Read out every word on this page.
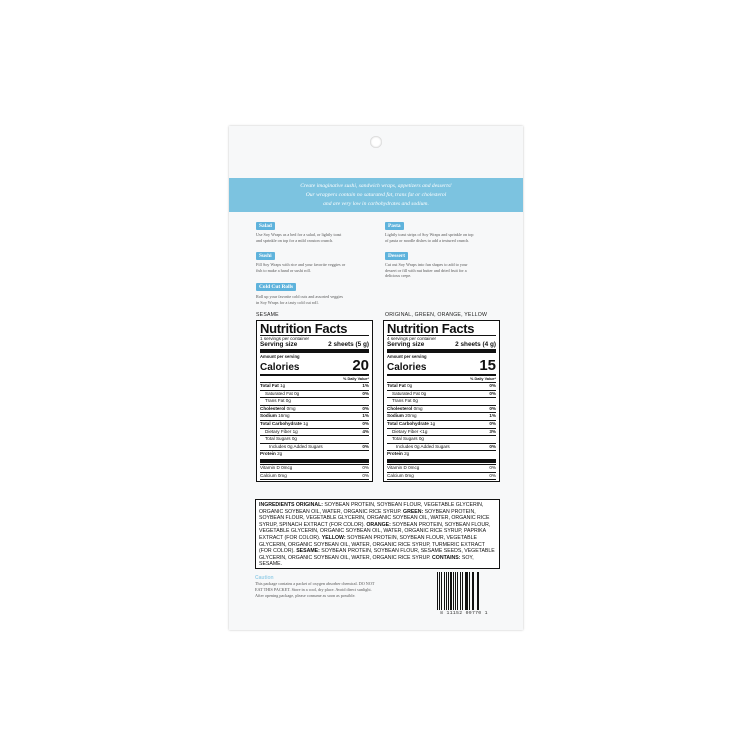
Create imaginative sushi, sandwich wraps, appetizers and desserts!
Our wrappers contain no saturated fat, trans fat or cholesterol
and are very low in carbohydrates and sodium.
Salad
Use Soy Wraps as a bed for a salad, or lightly toast
and sprinkle on top for a mild crouton crunch.
Sushi
Fill Soy Wraps with rice and your favorite veggies or
fish to make a hand or sushi roll.
Cold Cut Rolls
Roll up your favorite cold cuts and assorted veggies
in Soy Wraps for a tasty cold cut roll.
Pasta
Lightly toast strips of Soy Wraps and sprinkle on top
of pasta or noodle dishes to add a textured crunch.
Dessert
Cut out Soy Wraps into fun shapes to add to your
dessert or fill with nut butter and dried fruit for a
delicious crepe.
SESAME	ORIGINAL, GREEN, ORANGE, YELLOW
Nutrition Facts
1 servings per container
Serving size	2 sheets (5 g)
Amount per serving
Calories	20
% Daily Value*
Total Fat 1g	1%
Saturated Fat 0g	0%
Trans Fat 0g
Cholesterol 0mg	0%
Sodium 16mg	1%
Total Carbohydrate 1g	0%
Dietary Fiber 1g	4%
Total Sugars 0g
Includes 0g Added Sugars	0%
Protein 2g
Vitamin D 0mcg	0%
Calcium 0mg	0%
Nutrition Facts
4 servings per container
Serving size	2 sheets (4 g)
Amount per serving
Calories	15
% Daily Value*
Total Fat 0g	0%
Saturated Fat 0g	0%
Trans Fat 0g
Cholesterol 0mg	0%
Sodium 20mg	1%
Total Carbohydrate 1g	0%
Dietary Fiber <1g	3%
Total Sugars 0g
Includes 0g Added Sugars	0%
Protein 2g
Vitamin D 0mcg	0%
Calcium 0mg	0%
INGREDIENTS ORIGINAL: SOYBEAN PROTEIN, SOYBEAN FLOUR, VEGETABLE GLYCERIN, ORGANIC SOYBEAN OIL, WATER, ORGANIC RICE SYRUP. GREEN: SOYBEAN PROTEIN, SOYBEAN FLOUR, VEGETABLE GLYCERIN, ORGANIC SOYBEAN OIL, WATER, ORGANIC RICE SYRUP, SPINACH EXTRACT (FOR COLOR). ORANGE: SOYBEAN PROTEIN, SOYBEAN FLOUR, VEGETABLE GLYCERIN, ORGANIC SOYBEAN OIL, WATER, ORGANIC RICE SYRUP, PAPRIKA EXTRACT (FOR COLOR). YELLOW: SOYBEAN PROTEIN, SOYBEAN FLOUR, VEGETABLE GLYCERIN, ORGANIC SOYBEAN OIL, WATER, ORGANIC RICE SYRUP, TURMERIC EXTRACT (FOR COLOR). SESAME: SOYBEAN PROTEIN, SOYBEAN FLOUR, SESAME SEEDS, VEGETABLE GLYCERIN, ORGANIC SOYBEAN OIL, WATER, ORGANIC RICE SYRUP. CONTAINS: SOY, SESAME.
Caution
This package contains a packet of oxygen absorber chemical. DO NOT
EAT THIS PACKET. Store in a cool, dry place. Avoid direct sunlight.
After opening package, please consume as soon as possible.
8 11152 09770 1
